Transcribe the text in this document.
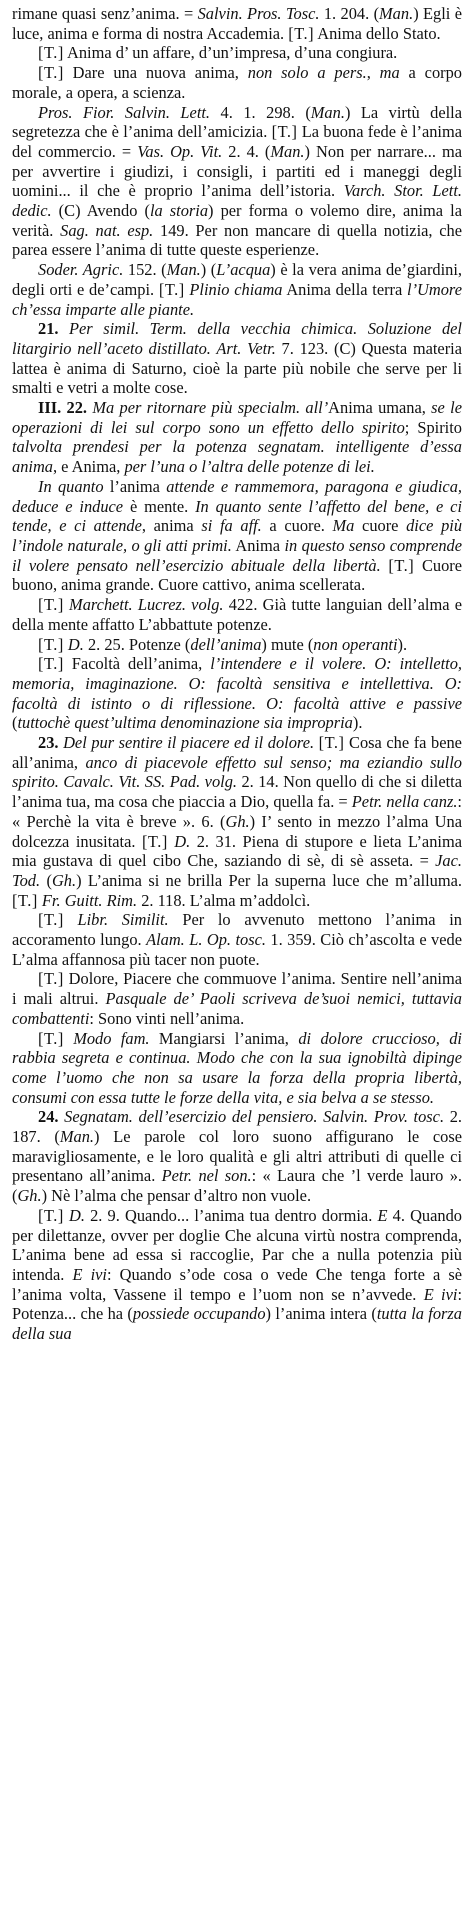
rimane quasi senz’anima. = Salvin. Pros. Tosc. 1. 204. (Man.) Egli è luce, anima e forma di nostra Accademia. [T.] Anima dello Stato.

[T.] Anima d’ un affare, d’un’impresa, d’una congiura.

[T.] Dare una nuova anima, non solo a pers., ma a corpo morale, a opera, a scienza.

Pros. Fior. Salvin. Lett. 4. 1. 298. (Man.) La virtù della segretezza che è l’anima dell’amicizia. [T.] La buona fede è l’anima del commercio. = Vas. Op. Vit. 2. 4. (Man.) Non per narrare... ma per avvertire i giudizi, i consigli, i partiti ed i maneggi degli uomini... il che è proprio l’anima dell’istoria. Varch. Stor. Lett. dedic. (C) Avendo (la storia) per forma o volemo dire, anima la verità. Sag. nat. esp. 149. Per non mancare di quella notizia, che parea essere l’anima di tutte queste esperienze.

Soder. Agric. 152. (Man.) (L’acqua) è la vera anima de’giardini, degli orti e de’campi. [T.] Plinio chiama Anima della terra l’Umore ch’essa imparte alle piante.

21. Per simil. Term. della vecchia chimica. Soluzione del litargirio nell’aceto distillato. Art. Vetr. 7. 123. (C) Questa materia lattea è anima di Saturno, cioè la parte più nobile che serve per li smalti e vetri a molte cose.

III. 22. Ma per ritornare più specialm. all’Anima umana, se le operazioni di lei sul corpo sono un effetto dello spirito; Spirito talvolta prendesi per la potenza segnatam. intelligente d’essa anima, e Anima, per l’una o l’altra delle potenze di lei.

In quanto l’anima attende e rammemora, paragona e giudica, deduce e induce è mente. In quanto sente l’affetto del bene, e ci tende, e ci attende, anima si fa aff. a cuore. Ma cuore dice più l’indole naturale, o gli atti primi. Anima in questo senso comprende il volere pensato nell’esercizio abituale della libertà. [T.] Cuore buono, anima grande. Cuore cattivo, anima scellerata.

[T.] Marchett. Lucrez. volg. 422. Già tutte languian dell’alma e della mente affatto L’abbattute potenze.

[T.] D. 2. 25. Potenze (dell’anima) mute (non operanti).

[T.] Facoltà dell’anima, l’intendere e il volere. O: intelletto, memoria, imaginazione. O: facoltà sensitiva e intellettiva. O: facoltà di istinto o di riflessione. O: facoltà attive e passive (tuttochè quest’ultima denominazione sia impropria).

23. Del pur sentire il piacere ed il dolore. [T.] Cosa che fa bene all’anima, anco di piacevole effetto sul senso; ma eziandio sullo spirito. Cavalc. Vit. SS. Pad. volg. 2. 14. Non quello di che si diletta l’anima tua, ma cosa che piaccia a Dio, quella fa. = Petr. nella canz.: « Perchè la vita è breve ». 6. (Gh.) I’ sento in mezzo l’alma Una dolcezza inusitata. [T.] D. 2. 31. Piena di stupore e lieta L’anima mia gustava di quel cibo Che, saziando di sè, di sè asseta. = Jac. Tod. (Gh.) L’anima si ne brilla Per la superna luce che m’alluma. [T.] Fr. Guitt. Rim. 2. 118. L’alma m’addolcì.

[T.] Libr. Similit. Per lo avvenuto mettono l’anima in accoramento lungo. Alam. L. Op. tosc. 1. 359. Ciò ch’ascolta e vede L’alma affannosa più tacer non puote.

[T.] Dolore, Piacere che commuove l’anima. Sentire nell’anima i mali altrui. Pasquale de’ Paoli scriveva de’suoi nemici, tuttavia combattenti: Sono vinti nell’anima.

[T.] Modo fam. Mangiarsi l’anima, di dolore cruccioso, di rabbia segreta e continua. Modo che con la sua ignobiltà dipinge come l’uomo che non sa usare la forza della propria libertà, consumi con essa tutte le forze della vita, e sia belva a se stesso.

24. Segnatam. dell’esercizio del pensiero. Salvin. Prov. tosc. 2. 187. (Man.) Le parole col loro suono affigurano le cose maravigliosamente, e le loro qualità e gli altri attributi di quelle ci presentano all’anima. Petr. nel son.: « Laura che ’l verde lauro ». (Gh.) Nè l’alma che pensar d’altro non vuole.

[T.] D. 2. 9. Quando... l’anima tua dentro dormia. E 4. Quando per dilettanze, ovver per doglie Che alcuna virtù nostra comprenda, L’anima bene ad essa si raccoglie, Par che a nulla potenzia più intenda. E ivi: Quando s’ode cosa o vede Che tenga forte a sè l’anima volta, Vassene il tempo e l’uom non se n’avvede. E ivi: Potenza... che ha (possiede occupando) l’anima intera (tutta la forza della sua
